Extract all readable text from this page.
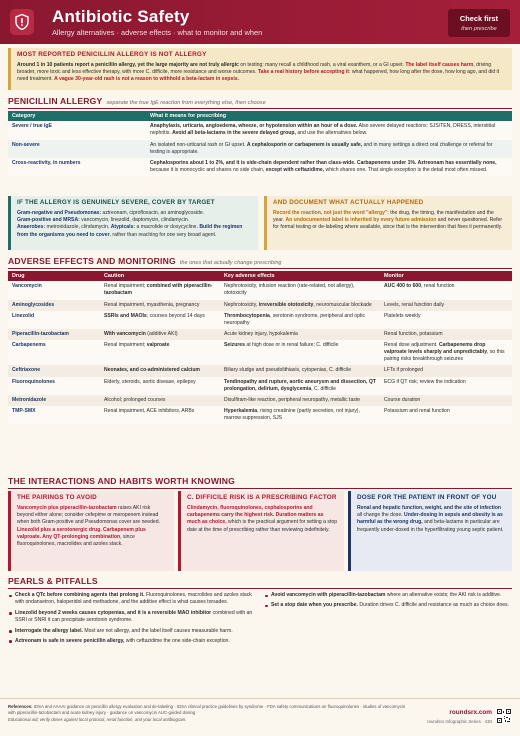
Antibiotic Safety
Allergy alternatives · adverse effects · what to monitor and when
Check first
then prescribe
MOST REPORTED PENICILLIN ALLERGY IS NOT ALLERGY

Around 1 in 10 patients report a penicillin allergy, yet the large majority are not truly allergic on testing: many recall a childhood rash, a viral exanthem, or a GI upset. The label itself causes harm, driving broader, more toxic and less effective therapy, with more C. difficile, more resistance and worse outcomes. Take a real history before accepting it: what happened, how long after the dose, how long ago, and did it need treatment. A vague 30-year-old rash is not a reason to withhold a beta-lactam in sepsis.

PENICILLIN ALLERGY separate the true IgE reaction from everything else, then choose
Category	What it means for prescribing
Severe / true IgE	Anaphylaxis, urticaria, angioedema, wheeze, or hypotension within an hour of a dose. Also severe delayed reactions: SJS/TEN, DRESS, interstitial nephritis. Avoid all beta-lactams in the severe delayed group, and use the alternatives below.
Non-severe	An isolated non-urticarial rash or GI upset. A cephalosporin or carbapenem is usually safe, and in many settings a direct oral challenge or referral for testing is appropriate.
Cross-reactivity, in numbers	Cephalosporins about 1 to 2%, and it is side-chain dependent rather than class-wide. Carbapenems under 1%. Aztreonam has essentially none, because it is monocyclic and shares no side chain, except with ceftazidime, which shares one. That single exception is the detail most often missed.
IF THE ALLERGY IS GENUINELY SEVERE, COVER BY TARGET

Gram-negative and Pseudomonas: aztreonam, ciprofloxacin, an aminoglycoside.
Gram-positive and MRSA: vancomycin, linezolid, daptomycin, clindamycin.
Anaerobes: metronidazole, clindamycin. Atypicals: a macrolide or doxycycline. Build the regimen from the organisms you need to cover, rather than reaching for one very broad agent.

AND DOCUMENT WHAT ACTUALLY HAPPENED

Record the reaction, not just the word "allergy": the drug, the timing, the manifestation and the year. An undocumented label is inherited by every future admission and never questioned. Refer for formal testing or de-labeling where available, since that is the intervention that fixes it permanently.

ADVERSE EFFECTS AND MONITORING the ones that actually change prescribing
Drug	Caution	Key adverse effects	Monitor
Vancomycin	Renal impairment; combined with piperacillin-tazobactam	Nephrotoxicity, infusion reaction (rate-related, not allergy), ototoxicity	AUC 400 to 600, renal function
Aminoglycosides	Renal impairment, myasthenia, pregnancy	Nephrotoxicity, irreversible ototoxicity, neuromuscular blockade	Levels, renal function daily
Linezolid	SSRIs and MAOIs; courses beyond 14 days	Thrombocytopenia, serotonin syndrome, peripheral and optic neuropathy	Platelets weekly
Piperacillin-tazobactam	With vancomycin (additive AKI)	Acute kidney injury, hypokalemia	Renal function, potassium
Carbapenems	Renal impairment; valproate	Seizures at high dose or in renal failure; C. difficile	Renal dose adjustment. Carbapenems drop valproate levels sharply and unpredictably, so this pairing risks breakthrough seizures
Ceftriaxone	Neonates, and co-administered calcium	Biliary sludge and pseudolithiasis, cytopenias, C. difficile	LFTs if prolonged
Fluoroquinolones	Elderly, steroids, aortic disease, epilepsy	Tendinopathy and rupture, aortic aneurysm and dissection, QT prolongation, delirium, dysglycemia, C. difficile	ECG if QT risk; review the indication
Metronidazole	Alcohol; prolonged courses	Disulfiram-like reaction, peripheral neuropathy, metallic taste	Course duration
TMP-SMX	Renal impairment, ACE inhibitors, ARBs	Hyperkalemia, rising creatinine (partly secretion, not injury), marrow suppression, SJS	Potassium and renal function
THE INTERACTIONS AND HABITS WORTH KNOWING
THE PAIRINGS TO AVOID

Vancomycin plus piperacillin-tazobactam raises AKI risk beyond either alone; consider cefepime or meropenem instead when both Gram-positive and Pseudomonas cover are needed. Linezolid plus a serotonergic drug. Carbapenem plus valproate. Any QT-prolonging combination, since fluoroquinolones, macrolides and azoles stack.

C. DIFFICILE RISK IS A PRESCRIBING FACTOR

Clindamycin, fluoroquinolones, cephalosporins and carbapenems carry the highest risk. Duration matters as much as choice, which is the practical argument for setting a stop date at the time of prescribing rather than reviewing indefinitely.

DOSE FOR THE PATIENT IN FRONT OF YOU

Renal and hepatic function, weight, and the site of infection all change the dose. Under-dosing in sepsis and obesity is as harmful as the wrong drug, and beta-lactams in particular are frequently under-dosed in the hyperfiltrating young septic patient.

PEARLS & PITFALLS
Check a QTc before combining agents that prolong it. Fluoroquinolones, macrolides and azoles stack with ondansetron, haloperidol and methadone, and the additive effect is what causes torsades.
Linezolid beyond 2 weeks causes cytopenias, and it is a reversible MAO inhibitor combined with an SSRI or SNRI it can precipitate serotonin syndrome.
Interrogate the allergy label. Most are not allergy, and the label itself causes measurable harm.
Aztreonam is safe in severe penicillin allergy, with ceftazidime the one side-chain exception.
Avoid vancomycin with piperacillin-tazobactam where an alternative exists; the AKI risk is additive.
Set a stop date when you prescribe. Duration drives C. difficile and resistance as much as choice does.
References: IDSA and AAAAI guidance on penicillin allergy evaluation and de-labeling · IDSA clinical practice guidelines by syndrome · FDA safety communications on fluoroquinolones · studies of vancomycin with piperacillin-tazobactam and acute kidney injury · guidance on vancomycin AUC-guided dosing
Educational aid; verify doses against local protocol, renal function, and your local antibiogram.
roundsrx.com
roundsrx Infographic Series · 430
